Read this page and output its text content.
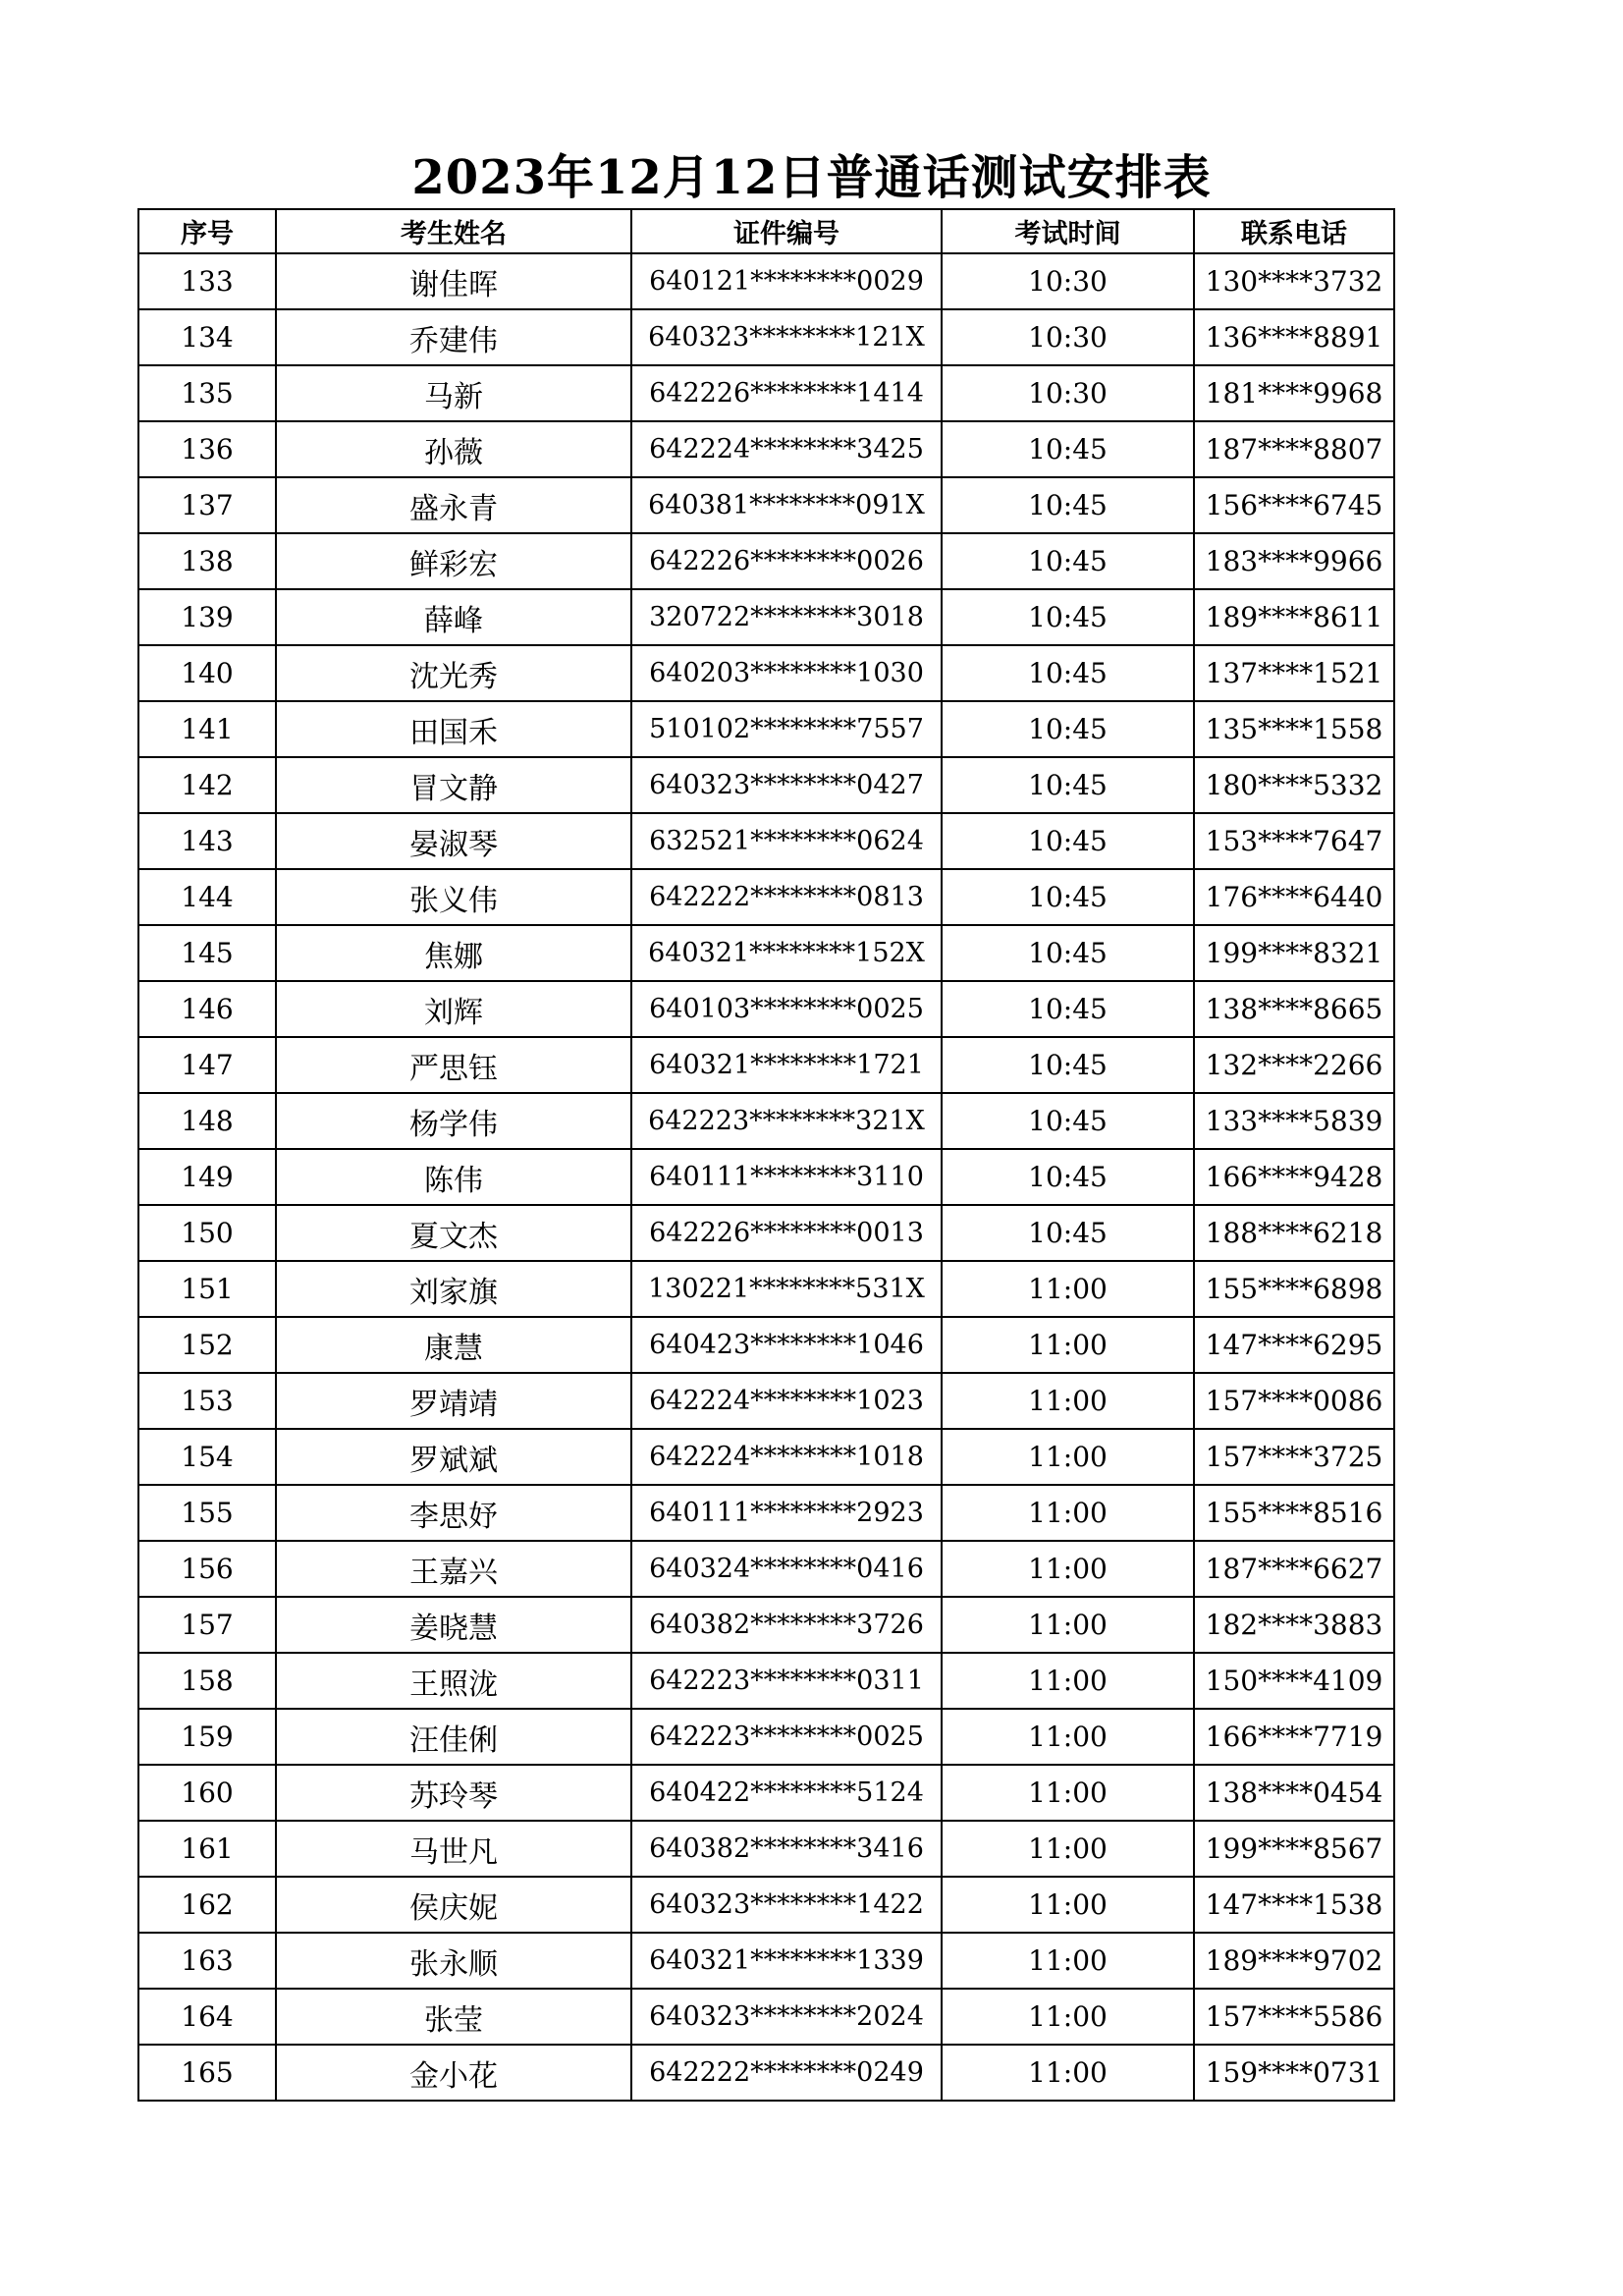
2023年12月12日普通话测试安排表
序号	考生姓名	证件编号	考试时间	联系电话
133	谢佳晖	640121********0029	10:30	130****3732
134	乔建伟	640323********121X	10:30	136****8891
135	马新	642226********1414	10:30	181****9968
136	孙薇	642224********3425	10:45	187****8807
137	盛永青	640381********091X	10:45	156****6745
138	鲜彩宏	642226********0026	10:45	183****9966
139	薛峰	320722********3018	10:45	189****8611
140	沈光秀	640203********1030	10:45	137****1521
141	田国禾	510102********7557	10:45	135****1558
142	冒文静	640323********0427	10:45	180****5332
143	晏淑琴	632521********0624	10:45	153****7647
144	张义伟	642222********0813	10:45	176****6440
145	焦娜	640321********152X	10:45	199****8321
146	刘辉	640103********0025	10:45	138****8665
147	严思钰	640321********1721	10:45	132****2266
148	杨学伟	642223********321X	10:45	133****5839
149	陈伟	640111********3110	10:45	166****9428
150	夏文杰	642226********0013	10:45	188****6218
151	刘家旗	130221********531X	11:00	155****6898
152	康慧	640423********1046	11:00	147****6295
153	罗靖靖	642224********1023	11:00	157****0086
154	罗斌斌	642224********1018	11:00	157****3725
155	李思妤	640111********2923	11:00	155****8516
156	王嘉兴	640324********0416	11:00	187****6627
157	姜晓慧	640382********3726	11:00	182****3883
158	王照泷	642223********0311	11:00	150****4109
159	汪佳俐	642223********0025	11:00	166****7719
160	苏玲琴	640422********5124	11:00	138****0454
161	马世凡	640382********3416	11:00	199****8567
162	侯庆妮	640323********1422	11:00	147****1538
163	张永顺	640321********1339	11:00	189****9702
164	张莹	640323********2024	11:00	157****5586
165	金小花	642222********0249	11:00	159****0731
